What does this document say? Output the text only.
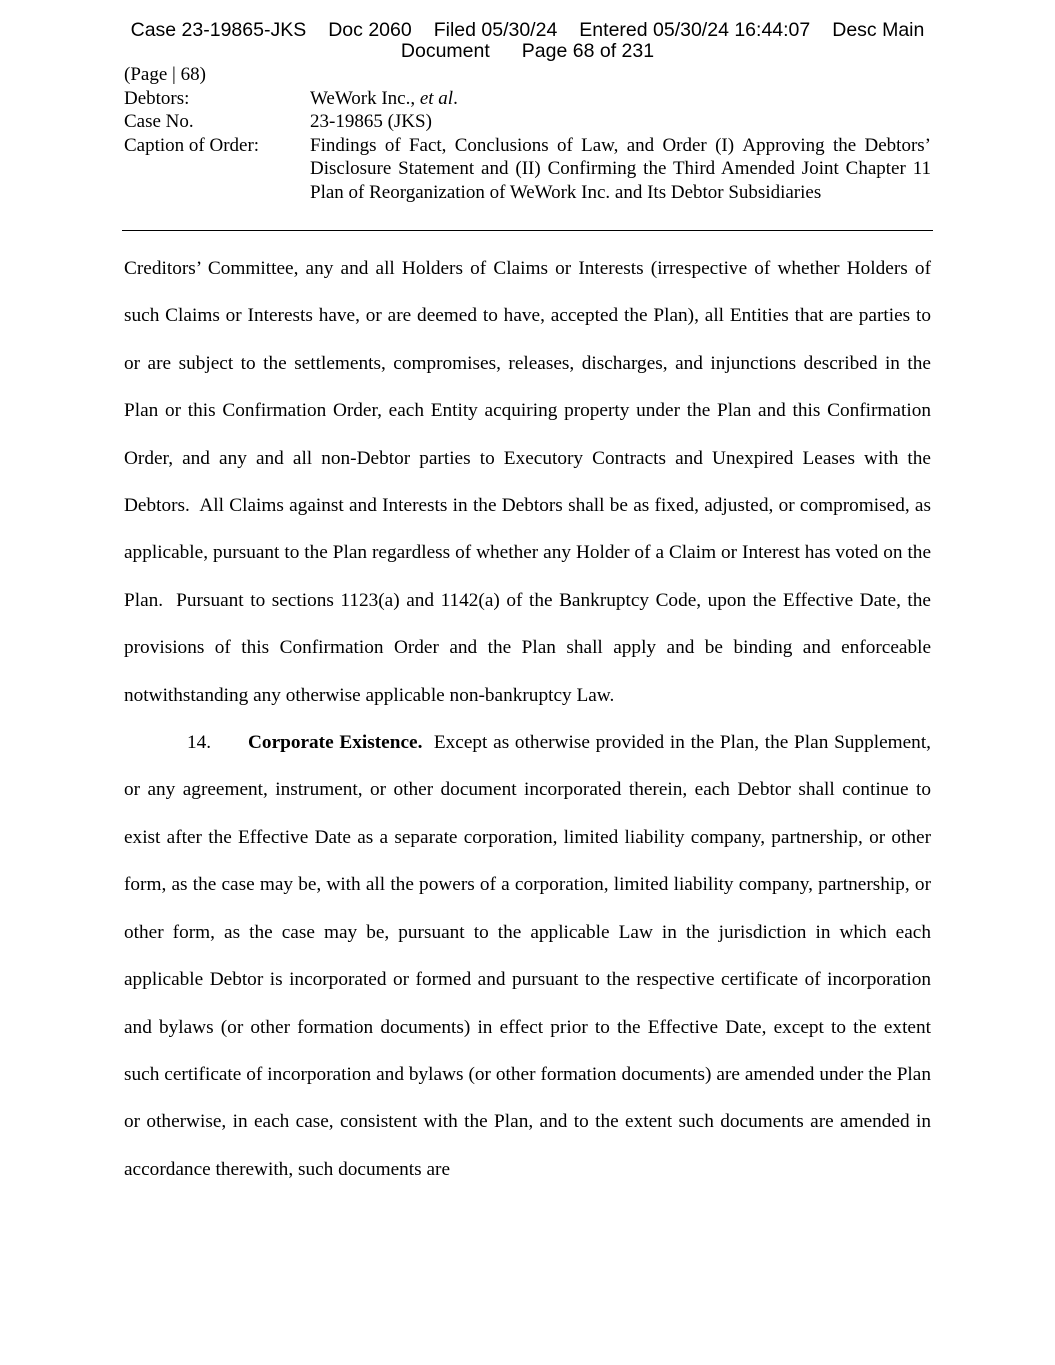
Case 23-19865-JKS Doc 2060 Filed 05/30/24 Entered 05/30/24 16:44:07 Desc Main
Document Page 68 of 231
(Page | 68)
Debtors:	WeWork Inc., et al.
Case No.	23-19865 (JKS)
Caption of Order:	Findings of Fact, Conclusions of Law, and Order (I) Approving the Debtors’ Disclosure Statement and (II) Confirming the Third Amended Joint Chapter 11 Plan of Reorganization of WeWork Inc. and Its Debtor Subsidiaries

Creditors’ Committee, any and all Holders of Claims or Interests (irrespective of whether Holders of such Claims or Interests have, or are deemed to have, accepted the Plan), all Entities that are parties to or are subject to the settlements, compromises, releases, discharges, and injunctions described in the Plan or this Confirmation Order, each Entity acquiring property under the Plan and this Confirmation Order, and any and all non-Debtor parties to Executory Contracts and Unexpired Leases with the Debtors.  All Claims against and Interests in the Debtors shall be as fixed, adjusted, or compromised, as applicable, pursuant to the Plan regardless of whether any Holder of a Claim or Interest has voted on the Plan.  Pursuant to sections 1123(a) and 1142(a) of the Bankruptcy Code, upon the Effective Date, the provisions of this Confirmation Order and the Plan shall apply and be binding and enforceable notwithstanding any otherwise applicable non-bankruptcy Law.

14. Corporate Existence.  Except as otherwise provided in the Plan, the Plan Supplement, or any agreement, instrument, or other document incorporated therein, each Debtor shall continue to exist after the Effective Date as a separate corporation, limited liability company, partnership, or other form, as the case may be, with all the powers of a corporation, limited liability company, partnership, or other form, as the case may be, pursuant to the applicable Law in the jurisdiction in which each applicable Debtor is incorporated or formed and pursuant to the respective certificate of incorporation and bylaws (or other formation documents) in effect prior to the Effective Date, except to the extent such certificate of incorporation and bylaws (or other formation documents) are amended under the Plan or otherwise, in each case, consistent with the Plan, and to the extent such documents are amended in accordance therewith, such documents are
